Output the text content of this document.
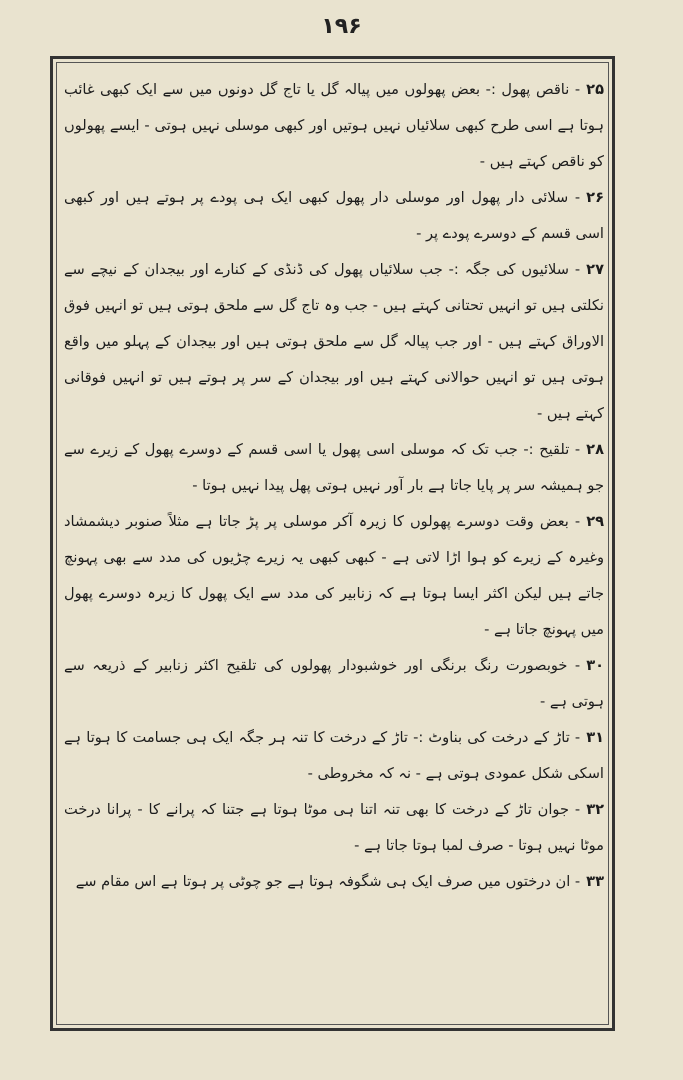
۱۹۶

۲۵- ناقص پھول :- بعض پھولوں میں پیالہ گل یا تاج گل دونوں میں سے ایک کبھی غائب ہوتا ہے اسی طرح کبھی سلائیاں نہیں ہوتیں اور کبھی موسلی نہیں ہوتی - ایسے پھولوں کو ناقص کہتے ہیں -

۲۶- سلائی دار پھول اور موسلی دار پھول کبھی ایک ہی پودے پر ہوتے ہیں اور کبھی اسی قسم کے دوسرے پودے پر -

۲۷- سلائیوں کی جگہ :- جب سلائیاں پھول کی ڈنڈی کے کنارے اور بیجدان کے نیچے سے نکلتی ہیں تو انہیں تحتانی کہتے ہیں - جب وہ تاج گل سے ملحق ہوتی ہیں تو انہیں فوق الاوراق کہتے ہیں - اور جب پیالہ گل سے ملحق ہوتی ہیں اور بیجدان کے پہلو میں واقع ہوتی ہیں تو انہیں حوالانی کہتے ہیں اور بیجدان کے سر پر ہوتے ہیں تو انہیں فوقانی کہتے ہیں -

۲۸- تلقیح :- جب تک کہ موسلی اسی پھول یا اسی قسم کے دوسرے پھول کے زیرے سے جو ہمیشہ سر پر پایا جاتا ہے بار آور نہیں ہوتی پھل پیدا نہیں ہوتا -

۲۹- بعض وقت دوسرے پھولوں کا زیرہ آکر موسلی پر پڑ جاتا ہے مثلاً صنوبر دیشمشاد وغیرہ کے زیرے کو ہوا اڑا لاتی ہے - کبھی کبھی یہ زیرے چڑیوں کی مدد سے بھی پہونچ جاتے ہیں لیکن اکثر ایسا ہوتا ہے کہ زنابیر کی مدد سے ایک پھول کا زیرہ دوسرے پھول میں پہونچ جاتا ہے -

۳۰- خوبصورت رنگ برنگی اور خوشبودار پھولوں کی تلقیح اکثر زنابیر کے ذریعہ سے ہوتی ہے -

۳۱- تاڑ کے درخت کی بناوٹ :- تاڑ کے درخت کا تنہ ہر جگہ ایک ہی جسامت کا ہوتا ہے اسکی شکل عمودی ہوتی ہے - نہ کہ مخروطی -

۳۲- جوان تاڑ کے درخت کا بھی تنہ اتنا ہی موٹا ہوتا ہے جتنا کہ پرانے کا - پرانا درخت موٹا نہیں ہوتا - صرف لمبا ہوتا جاتا ہے -

۳۳- ان درختوں میں صرف ایک ہی شگوفہ ہوتا ہے جو چوٹی پر ہوتا ہے اس مقام سے
